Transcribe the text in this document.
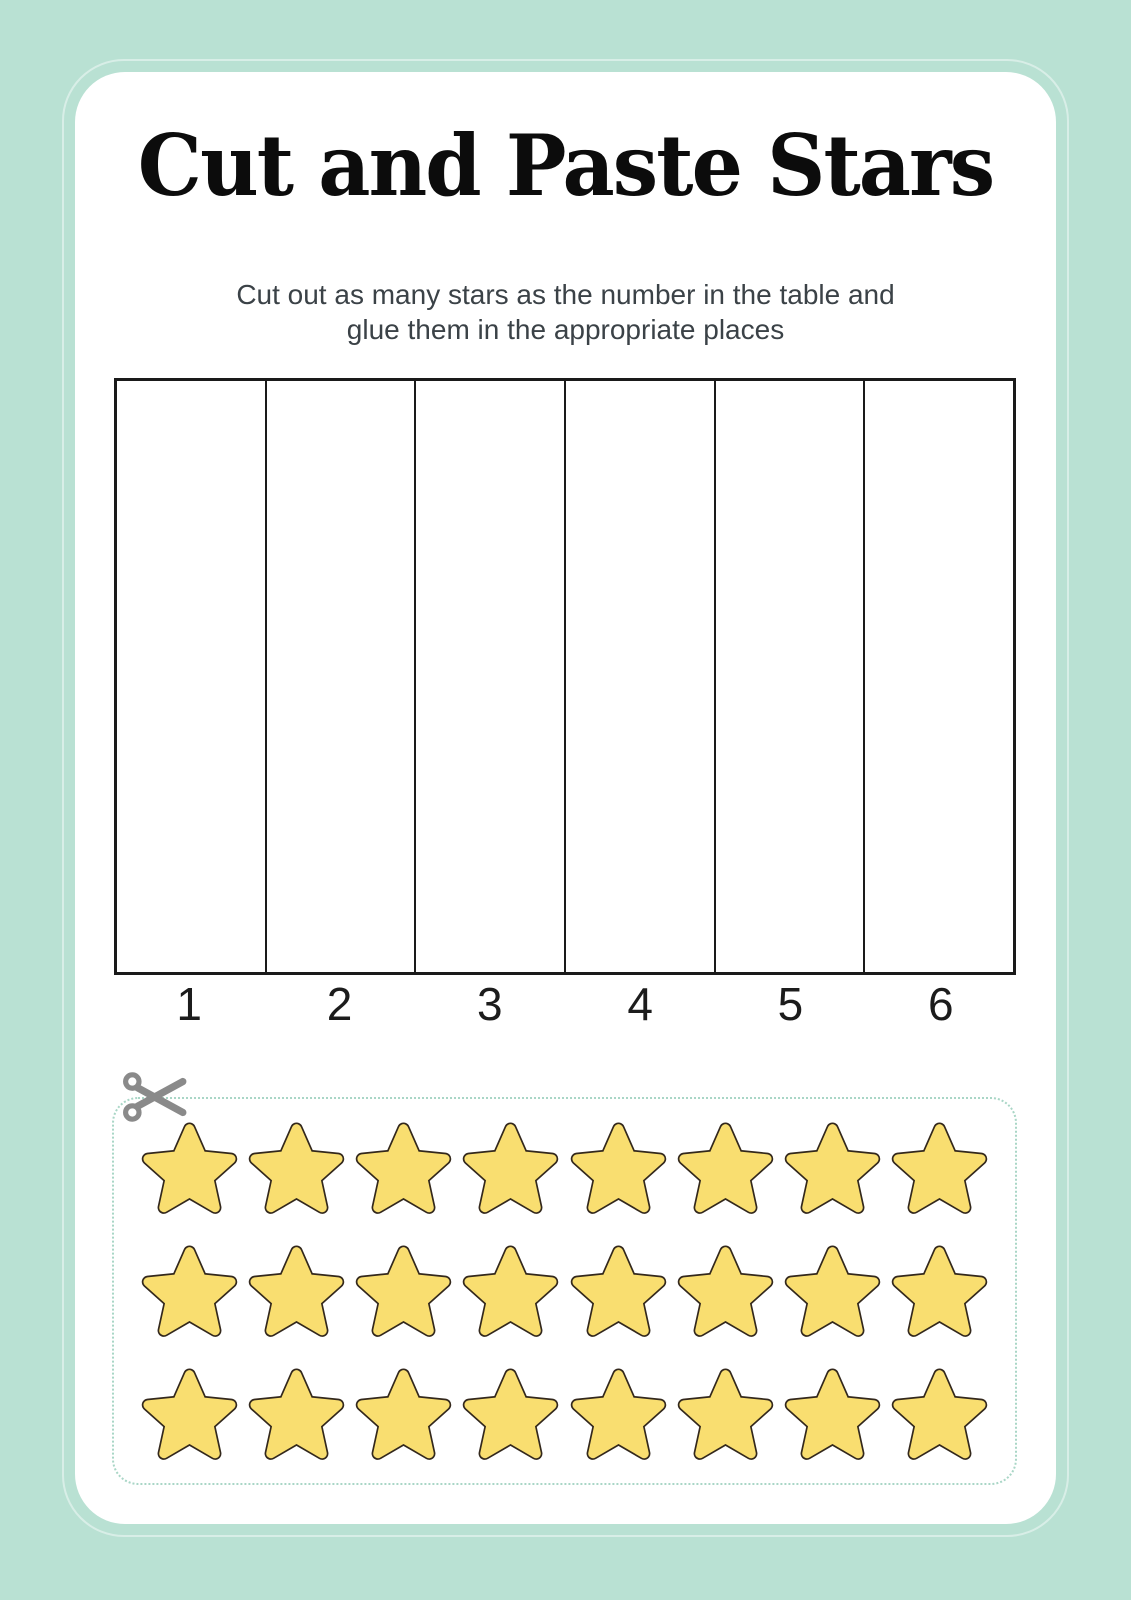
Cut and Paste Stars

Cut out as many stars as the number in the table and
glue them in the appropriate places

1	2	3	4	5	6
